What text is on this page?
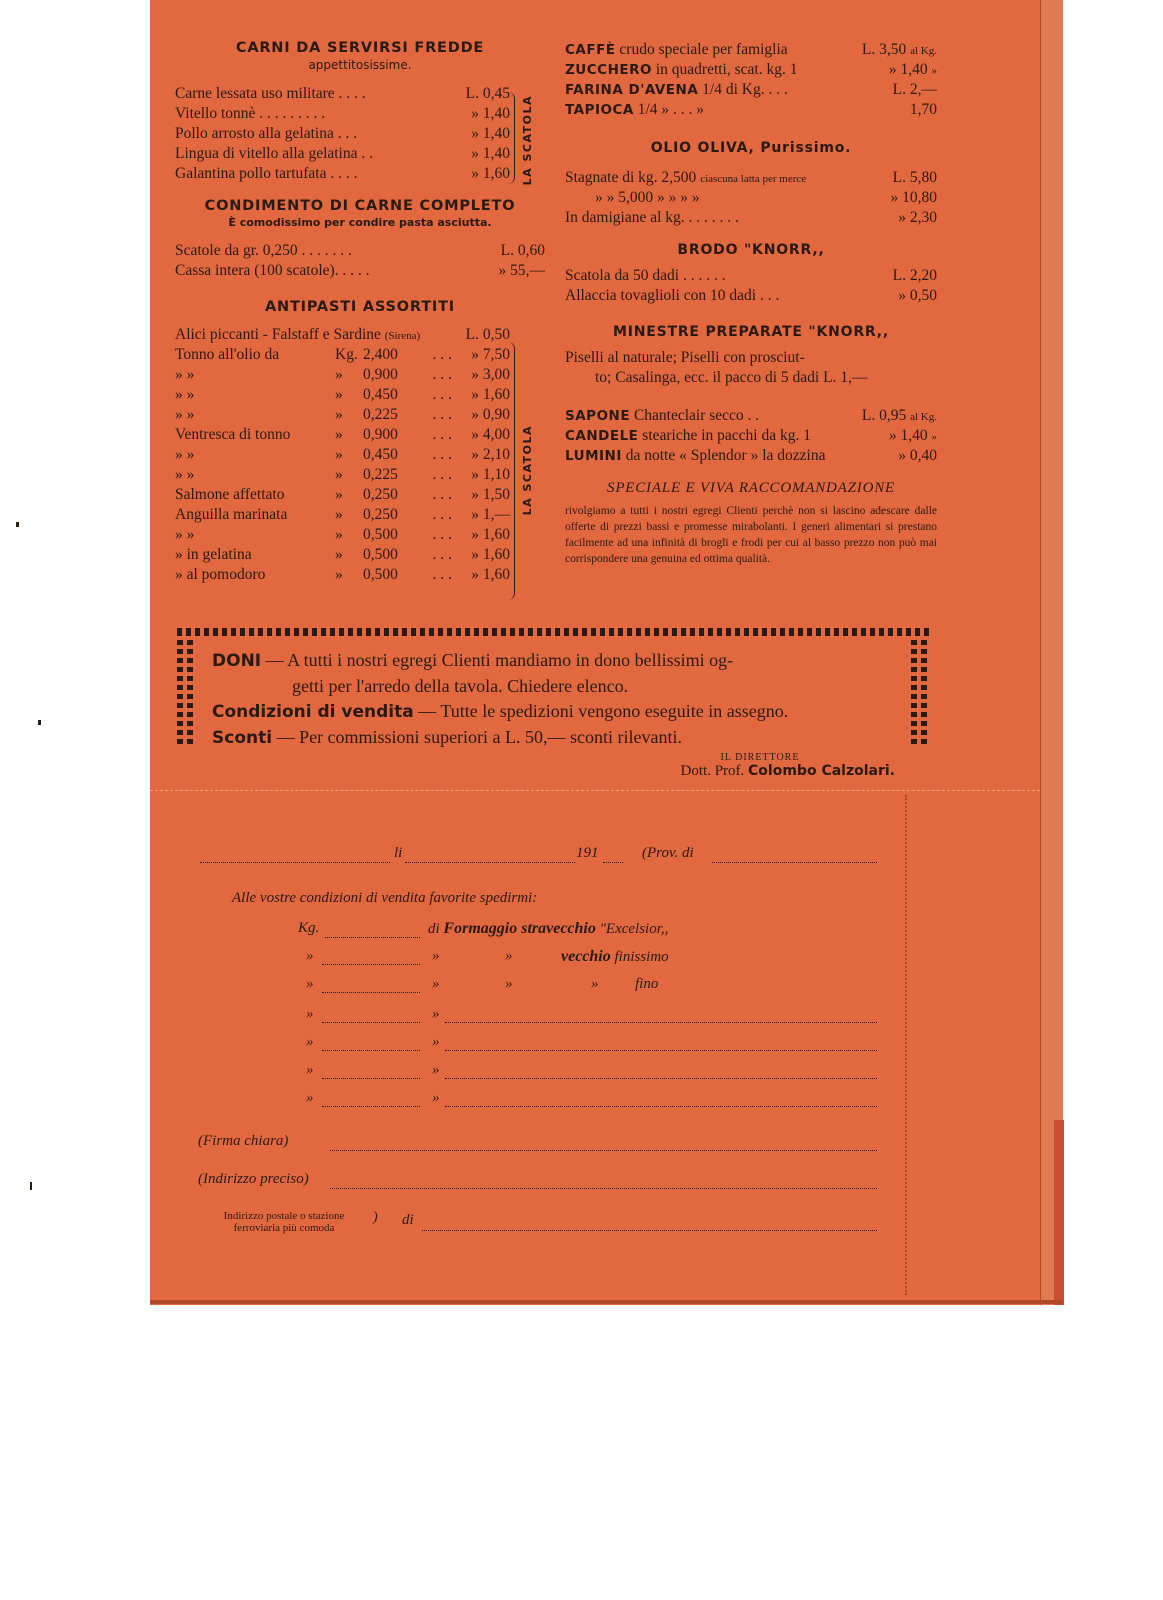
CARNI DA SERVIRSI FREDDE

appettitosissime.

Carne lessata uso militare . . . .	L. 0,45
Vitello tonnè . . . . . . . . .	» 1,40
Pollo arrosto alla gelatina . . .	» 1,40
Lingua di vitello alla gelatina . .	» 1,40
Galantina pollo tartufata . . . .	» 1,60

CONDIMENTO DI CARNE COMPLETO

È comodissimo per condire pasta asciutta.

Scatole da gr. 0,250 . . . . . . .	L. 0,60
Cassa intera (100 scatole). . . . .	» 55,—

ANTIPASTI ASSORTITI

Alici piccanti - Falstaff e Sardine (Sirena)	L. 0,50
Tonno all'olio da	Kg. 2,400	. . .	» 7,50
» »	»	0,900	. . .	» 3,00
» »	»	0,450	. . .	» 1,60
» »	»	0,225	. . .	» 0,90
Ventresca di tonno	»	0,900	. . .	» 4,00
» »	»	0,450	. . .	» 2,10
» »	»	0,225	. . .	» 1,10
Salmone affettato	»	0,250	. . .	» 1,50
Anguilla marinata	»	0,250	. . .	» 1,—
» »	»	0,500	. . .	» 1,60
» in gelatina	»	0,500	. . .	» 1,60
» al pomodoro	»	0,500	. . .	» 1,60
LA SCATOLA
LA SCATOLA
CAFFÈ crudo speciale per famiglia	L. 3,50 al Kg.
ZUCCHERO in quadretti, scat. kg. 1	» 1,40 »
FARINA D'AVENA 1/4 di Kg. . . .	L. 2,—
TAPIOCA 1/4 » . . . »	1,70

OLIO OLIVA, Purissimo.

Stagnate di kg. 2,500 ciascuna latta per merce	L. 5,80
» » 5,000 » » » »	» 10,80
In damigiane al kg. . . . . . . .	» 2,30

BRODO "KNORR,,

Scatola da 50 dadi . . . . . .	L. 2,20
Allaccia tovaglioli con 10 dadi . . .	» 0,50

MINESTRE PREPARATE "KNORR,,

Piselli al naturale; Piselli con prosciut-
to; Casalinga, ecc. il pacco di 5 dadi L. 1,—
SAPONE Chanteclair secco . .	L. 0,95 al Kg.
CANDELE steariche in pacchi da kg. 1	» 1,40 »
LUMINI da notte « Splendor » la dozzina	» 0,40

SPECIALE E VIVA RACCOMANDAZIONE

rivolgiamo a tutti i nostri egregi Clienti perchè non si lascino adescare dalle offerte di prezzi bassi e promesse mirabolanti. I generi alimentari si prestano facilmente ad una infinità di brogli e frodi per cui al basso prezzo non può mai corrispondere una genuina ed ottima qualità.

DONI — A tutti i nostri egregi Clienti mandiamo in dono bellissimi og-
getti per l'arredo della tavola. Chiedere elenco.
Condizioni di vendita — Tutte le spedizioni vengono eseguite in assegno.
Sconti — Per commissioni superiori a L. 50,— sconti rilevanti.
IL DIRETTORE
Dott. Prof. Colombo Calzolari.
li	191	(Prov. di
Alle vostre condizioni di vendita favorite spedirmi:
Kg.	di Formaggio stravecchio "Excelsior,,
»	»	»	vecchio finissimo
»	»	»	» fino
»	»
»	»
»	»
»	»
(Firma chiara)
(Indirizzo preciso)
Indirizzo postale o stazione
ferroviaria più comoda
) di
